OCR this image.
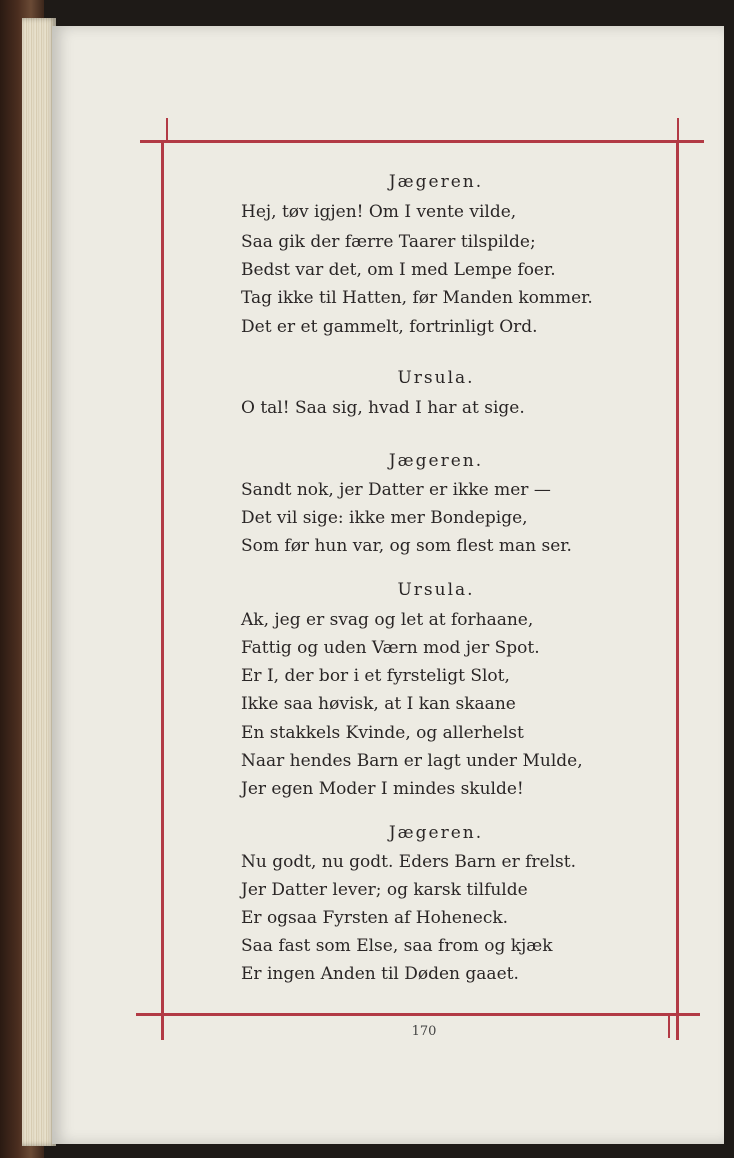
Jægeren.
Hej, tøv igjen! Om I vente vilde,
Saa gik der færre Taarer tilspilde;
Bedst var det, om I med Lempe foer.
Tag ikke til Hatten, før Manden kommer.
Det er et gammelt, fortrinligt Ord.
Ursula.
O tal! Saa sig, hvad I har at sige.
Jægeren.
Sandt nok, jer Datter er ikke mer —
Det vil sige: ikke mer Bondepige,
Som før hun var, og som flest man ser.
Ursula.
Ak, jeg er svag og let at forhaane,
Fattig og uden Værn mod jer Spot.
Er I, der bor i et fyrsteligt Slot,
Ikke saa høvisk, at I kan skaane
En stakkels Kvinde, og allerhelst
Naar hendes Barn er lagt under Mulde,
Jer egen Moder I mindes skulde!
Jægeren.
Nu godt, nu godt. Eders Barn er frelst.
Jer Datter lever; og karsk tilfulde
Er ogsaa Fyrsten af Hoheneck.
Saa fast som Else, saa from og kjæk
Er ingen Anden til Døden gaaet.
170
